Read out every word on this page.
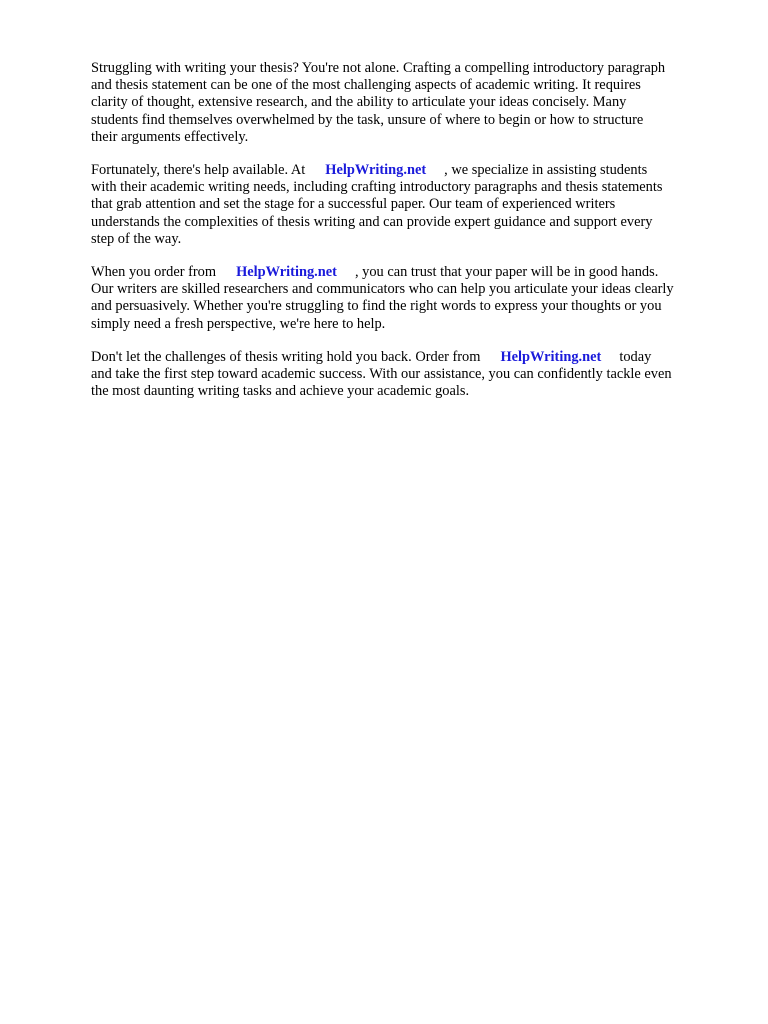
Struggling with writing your thesis? You're not alone. Crafting a compelling introductory paragraph
and thesis statement can be one of the most challenging aspects of academic writing. It requires
clarity of thought, extensive research, and the ability to articulate your ideas concisely. Many
students find themselves overwhelmed by the task, unsure of where to begin or how to structure
their arguments effectively.

Fortunately, there's help available. At HelpWriting.net , we specialize in assisting students
with their academic writing needs, including crafting introductory paragraphs and thesis statements
that grab attention and set the stage for a successful paper. Our team of experienced writers
understands the complexities of thesis writing and can provide expert guidance and support every
step of the way.

When you order from HelpWriting.net , you can trust that your paper will be in good hands.
Our writers are skilled researchers and communicators who can help you articulate your ideas clearly
and persuasively. Whether you're struggling to find the right words to express your thoughts or you
simply need a fresh perspective, we're here to help.

Don't let the challenges of thesis writing hold you back. Order from HelpWriting.net today
and take the first step toward academic success. With our assistance, you can confidently tackle even
the most daunting writing tasks and achieve your academic goals.
